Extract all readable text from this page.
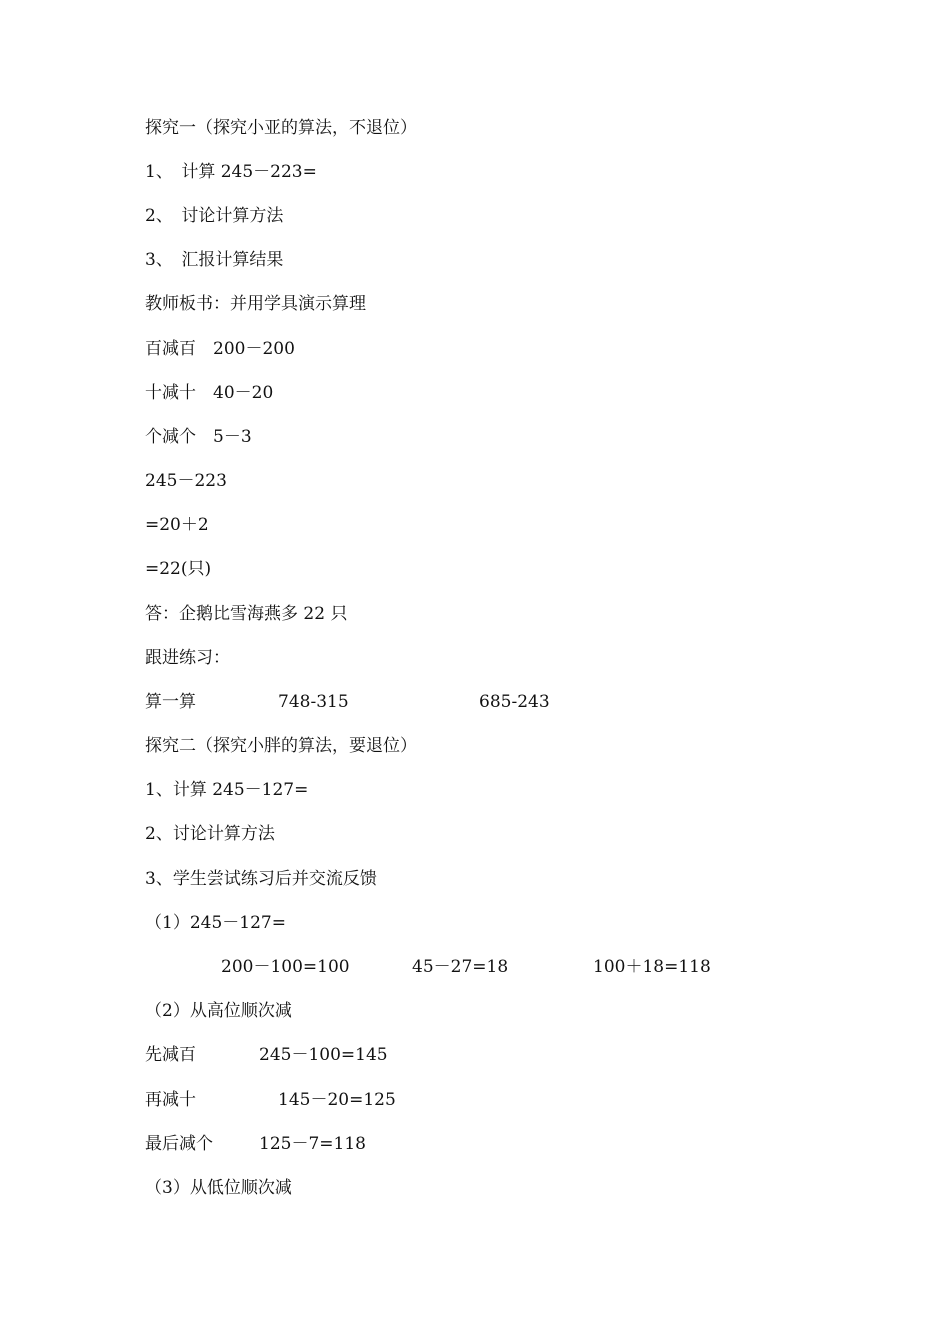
探究一（探究小亚的算法，不退位）
1、　计算 245－223=
2、　讨论计算方法
3、　汇报计算结果
教师板书：并用学具演示算理
百减百　200－200
十减十　40－20
个减个　5－3
245－223
=20＋2
=22(只)
答：企鹅比雪海燕多 22 只
跟进练习：
算一算	748-315	685-243
探究二（探究小胖的算法，要退位）
1、计算 245－127=
2、讨论计算方法
3、学生尝试练习后并交流反馈
（1）245－127=
200－100=100	45－27=18	100＋18=118
（2）从高位顺次减
先减百	245－100=145
再减十	145－20=125
最后减个	125－7=118
（3）从低位顺次减
